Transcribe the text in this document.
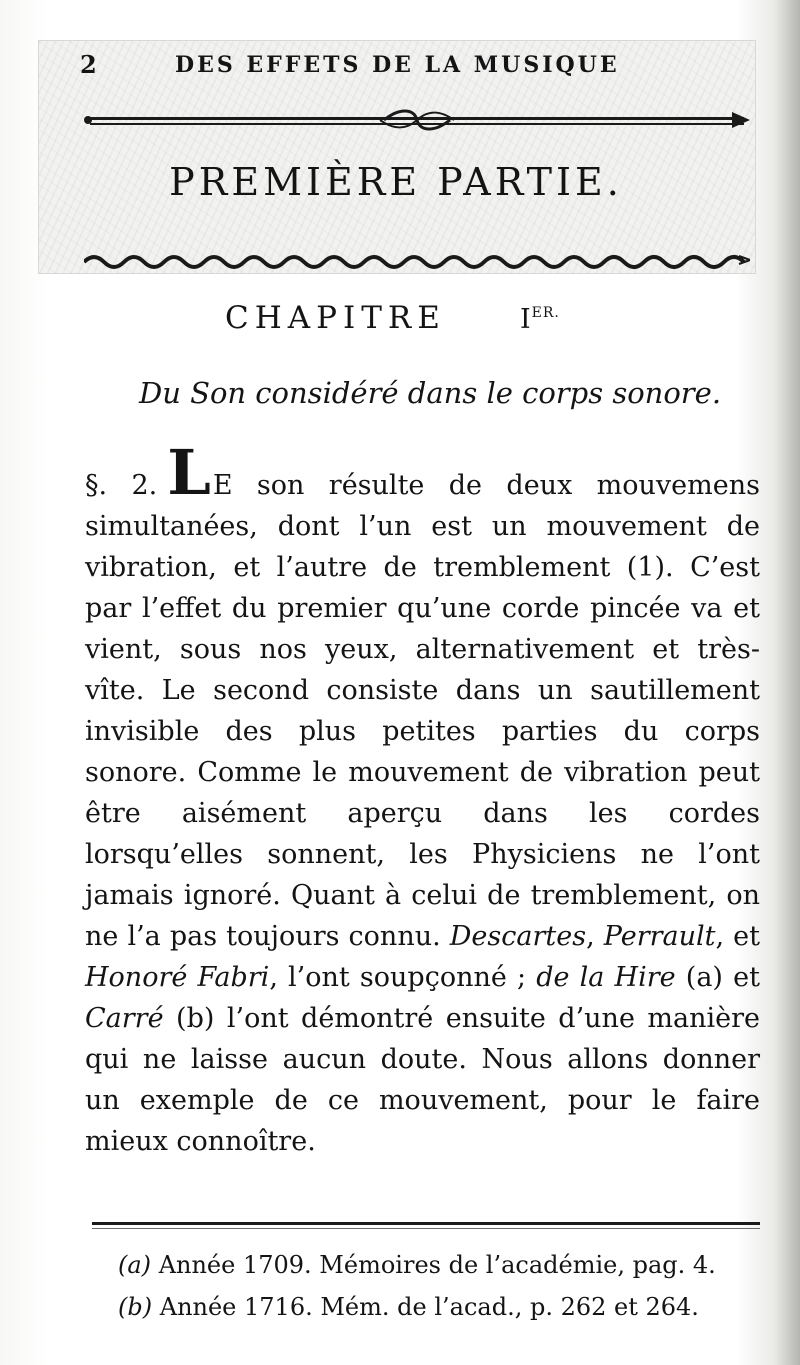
2	DES EFFETS DE LA MUSIQUE
PREMIÈRE PARTIE.
CHAPITRE	$I^{ER.}$
Du Son considéré dans le corps sonore.
§. 2. LE son résulte de deux mouvemens simultanées, dont l’un est un mouvement de vibration, et l’autre de tremblement (1). C’est par l’effet du premier qu’une corde pincée va et vient, sous nos yeux, alternativement et très-vîte. Le second consiste dans un sautillement invisible des plus petites parties du corps sonore. Comme le mouvement de vibration peut être aisément aperçu dans les cordes lorsqu’elles sonnent, les Physiciens ne l’ont jamais ignoré. Quant à celui de tremblement, on ne l’a pas toujours connu. Descartes, Perrault, et Honoré Fabri, l’ont soupçonné ; de la Hire (a) et Carré (b) l’ont démontré ensuite d’une manière qui ne laisse aucun doute. Nous allons donner un exemple de ce mouvement, pour le faire mieux connoître.
(a) Année 1709. Mémoires de l’académie, pag. 4.
(b) Année 1716. Mém. de l’acad., p. 262 et 264.
